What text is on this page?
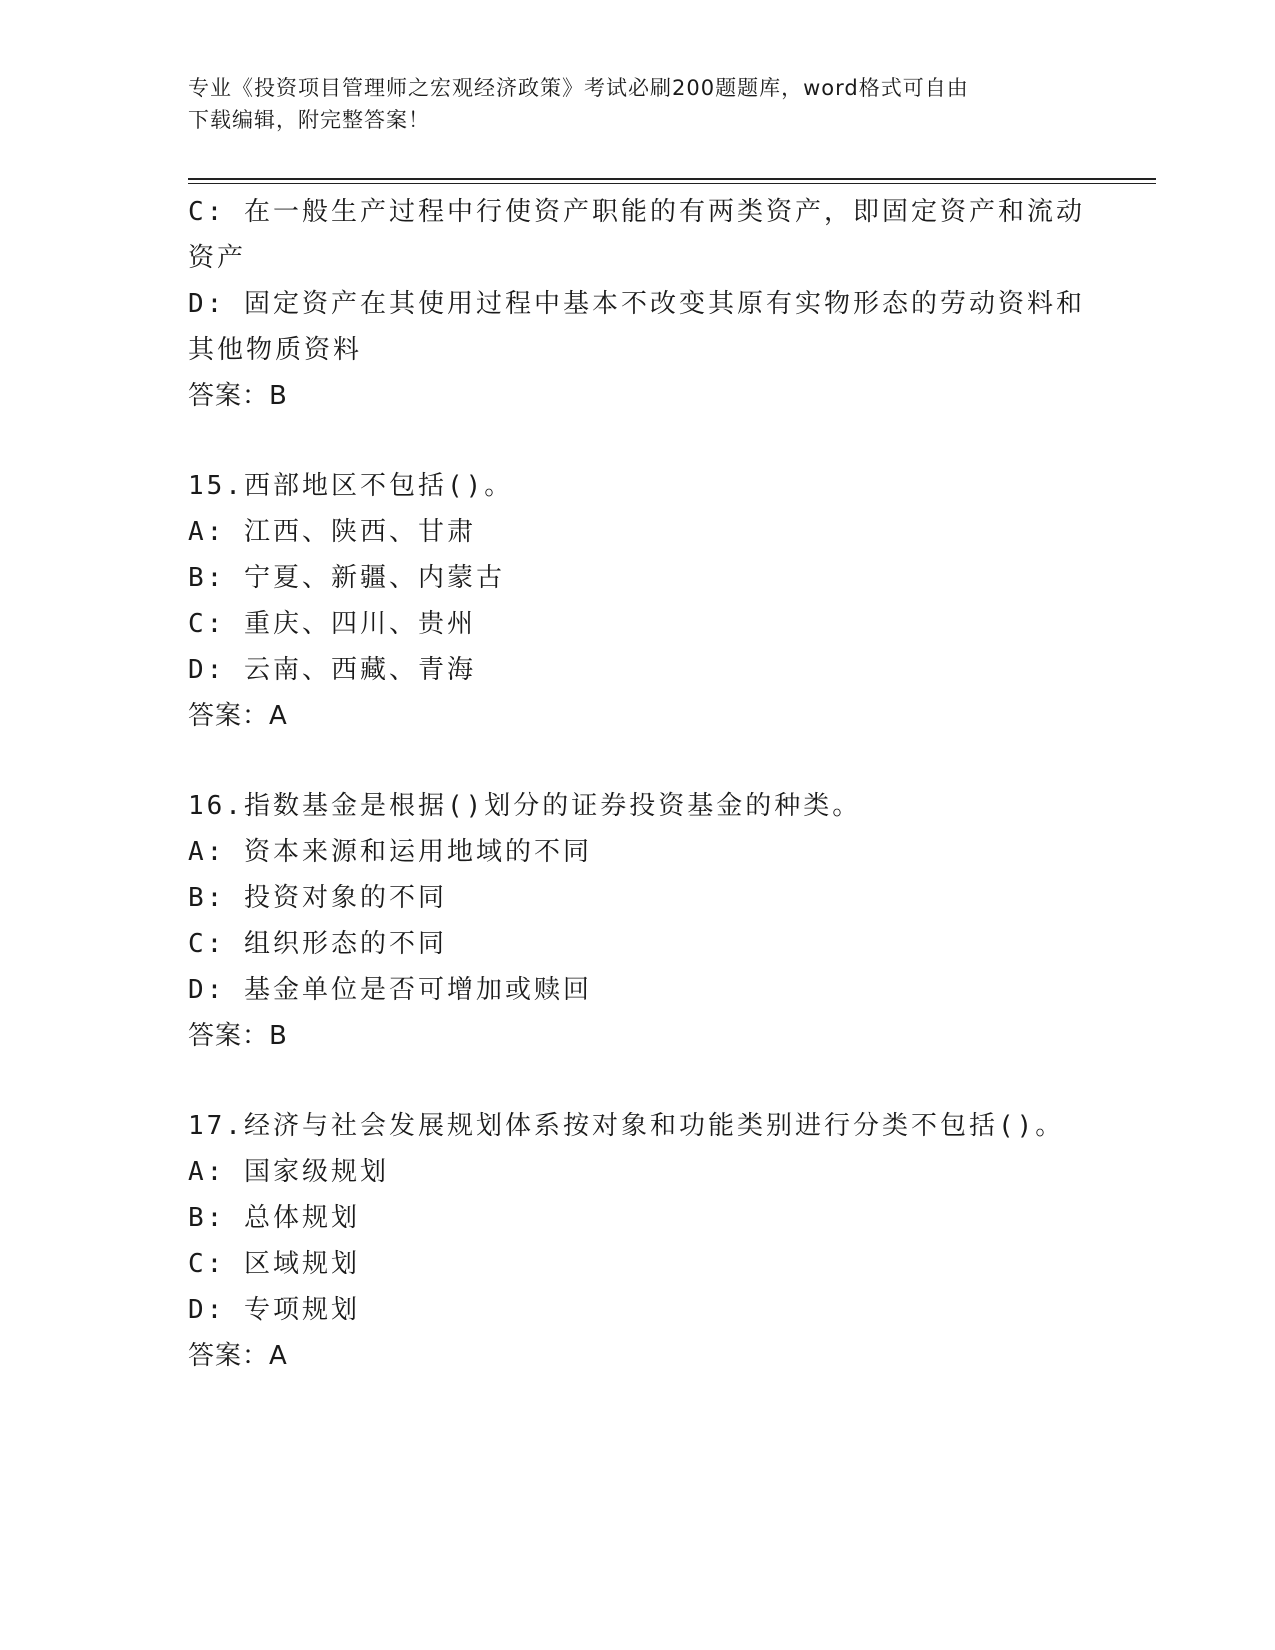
专业《投资项目管理师之宏观经济政策》考试必刷200题题库，word格式可自由
下载编辑，附完整答案！
C: 在一般生产过程中行使资产职能的有两类资产，即固定资产和流动
资产
D: 固定资产在其使用过程中基本不改变其原有实物形态的劳动资料和
其他物质资料
答案：B
15.西部地区不包括()。
A: 江西、陕西、甘肃
B: 宁夏、新疆、内蒙古
C: 重庆、四川、贵州
D: 云南、西藏、青海
答案：A
16.指数基金是根据()划分的证券投资基金的种类。
A: 资本来源和运用地域的不同
B: 投资对象的不同
C: 组织形态的不同
D: 基金单位是否可增加或赎回
答案：B
17.经济与社会发展规划体系按对象和功能类别进行分类不包括()。
A: 国家级规划
B: 总体规划
C: 区域规划
D: 专项规划
答案：A
